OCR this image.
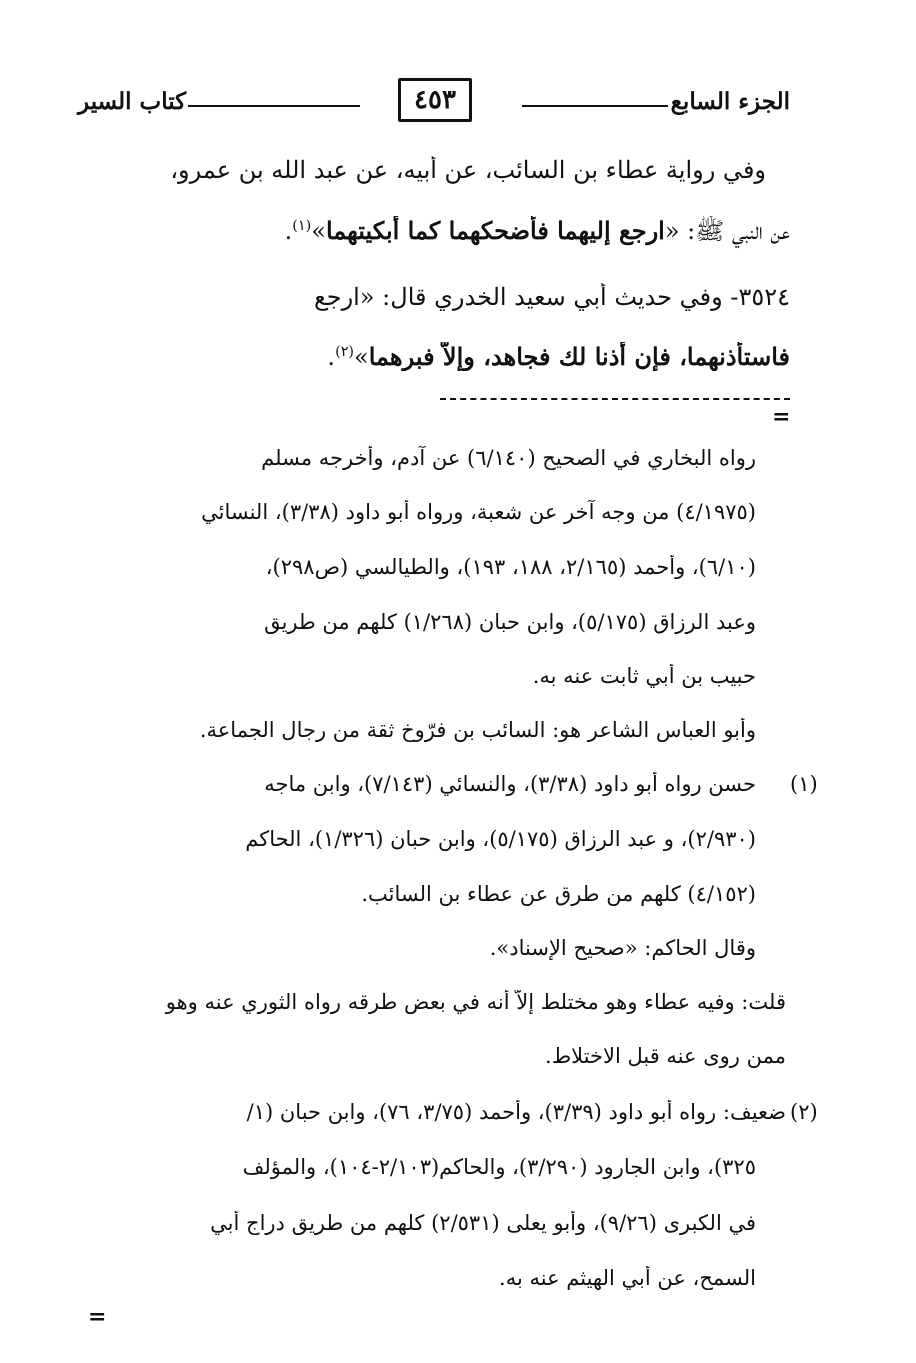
الجزء السابع
٤٥٣
كتاب السير
وفي رواية عطاء بن السائب، عن أبيه، عن عبد الله بن عمرو،
عن النبي ﷺ: «ارجع إليهما فأضحكهما كما أبكيتهما»$^{(١)}$.
٣٥٢٤- وفي حديث أبي سعيد الخدري قال: «ارجع
فاستأذنهما، فإن أذنا لك فجاهد، وإلاّ فبرهما»$^{(٢)}$.
=
رواه البخاري في الصحيح (٦/١٤٠) عن آدم، وأخرجه مسلم
(٤/١٩٧٥) من وجه آخر عن شعبة، ورواه أبو داود (٣/٣٨)، النسائي
(٦/١٠)، وأحمد (٢/١٦٥، ١٨٨، ١٩٣)، والطيالسي (ص٢٩٨)،
وعبد الرزاق (٥/١٧٥)، وابن حبان (١/٢٦٨) كلهم من طريق
حبيب بن أبي ثابت عنه به.
وأبو العباس الشاعر هو: السائب بن فرّوخ ثقة من رجال الجماعة.
(١)
حسن رواه أبو داود (٣/٣٨)، والنسائي (٧/١٤٣)، وابن ماجه
(٢/٩٣٠)، و عبد الرزاق (٥/١٧٥)، وابن حبان (١/٣٢٦)، الحاكم
(٤/١٥٢) كلهم من طرق عن عطاء بن السائب.
وقال الحاكم: «صحيح الإسناد».
قلت: وفيه عطاء وهو مختلط إلاّ أنه في بعض طرقه رواه الثوري عنه وهو
ممن روى عنه قبل الاختلاط.
(٢)
ضعيف: رواه أبو داود (٣/٣٩)، وأحمد (٣/٧٥، ٧٦)، وابن حبان (١/
٣٢٥)، وابن الجارود (٣/٢٩٠)، والحاكم(٢/١٠٣-١٠٤)، والمؤلف
في الكبرى (٩/٢٦)، وأبو يعلى (٢/٥٣١) كلهم من طريق دراج أبي
السمح، عن أبي الهيثم عنه به.
=
